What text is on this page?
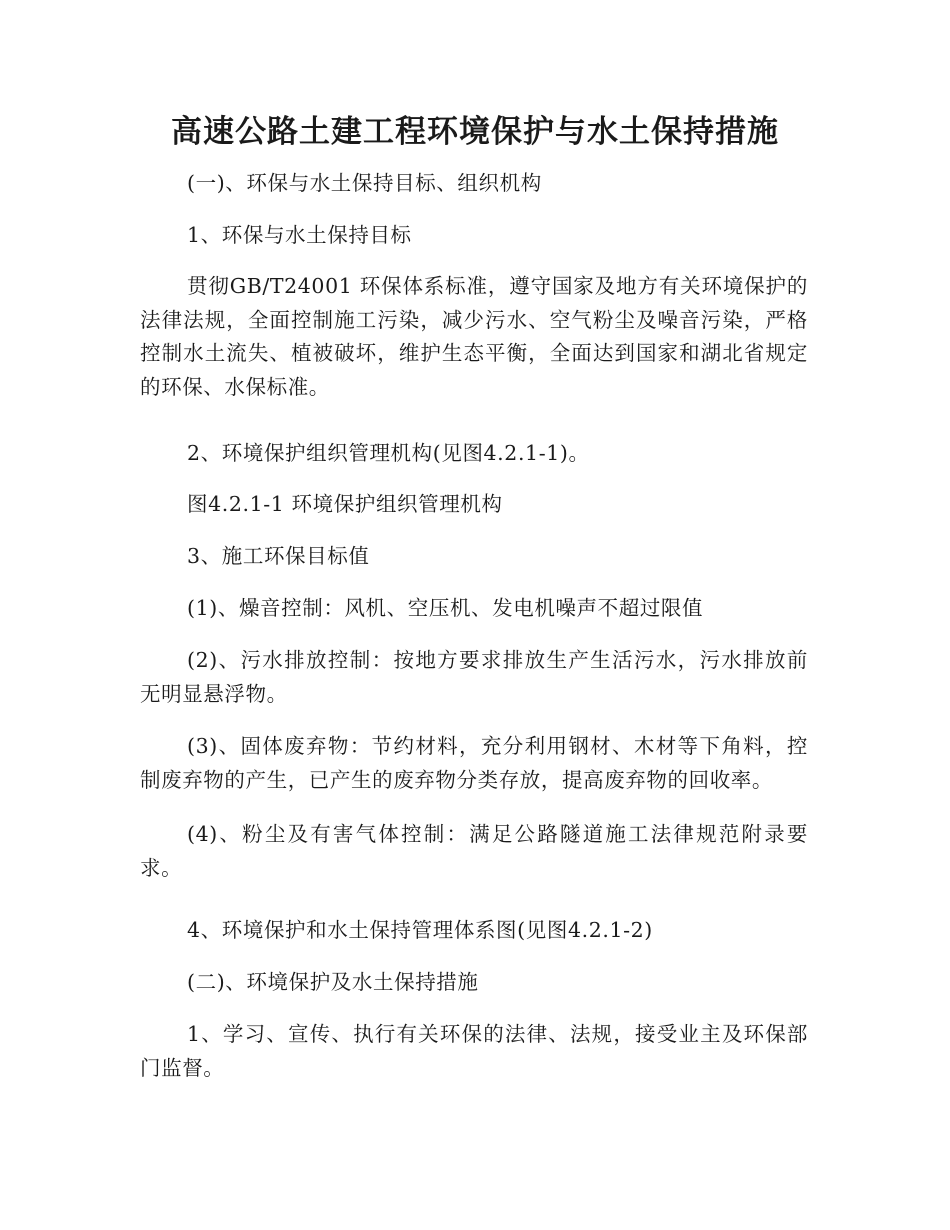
高速公路土建工程环境保护与水土保持措施
(一)、环保与水土保持目标、组织机构
1、环保与水土保持目标
贯彻GB/T24001 环保体系标准，遵守国家及地方有关环境保护的法律法规，全面控制施工污染，减少污水、空气粉尘及噪音污染，严格控制水土流失、植被破坏，维护生态平衡，全面达到国家和湖北省规定的环保、水保标准。
2、环境保护组织管理机构(见图4.2.1-1)。
图4.2.1-1 环境保护组织管理机构
3、施工环保目标值
(1)、燥音控制：风机、空压机、发电机噪声不超过限值
(2)、污水排放控制：按地方要求排放生产生活污水，污水排放前无明显悬浮物。
(3)、固体废弃物：节约材料，充分利用钢材、木材等下角料，控制废弃物的产生，已产生的废弃物分类存放，提高废弃物的回收率。
(4)、粉尘及有害气体控制：满足公路隧道施工法律规范附录要求。
4、环境保护和水土保持管理体系图(见图4.2.1-2)
(二)、环境保护及水土保持措施
1、学习、宣传、执行有关环保的法律、法规，接受业主及环保部门监督。
